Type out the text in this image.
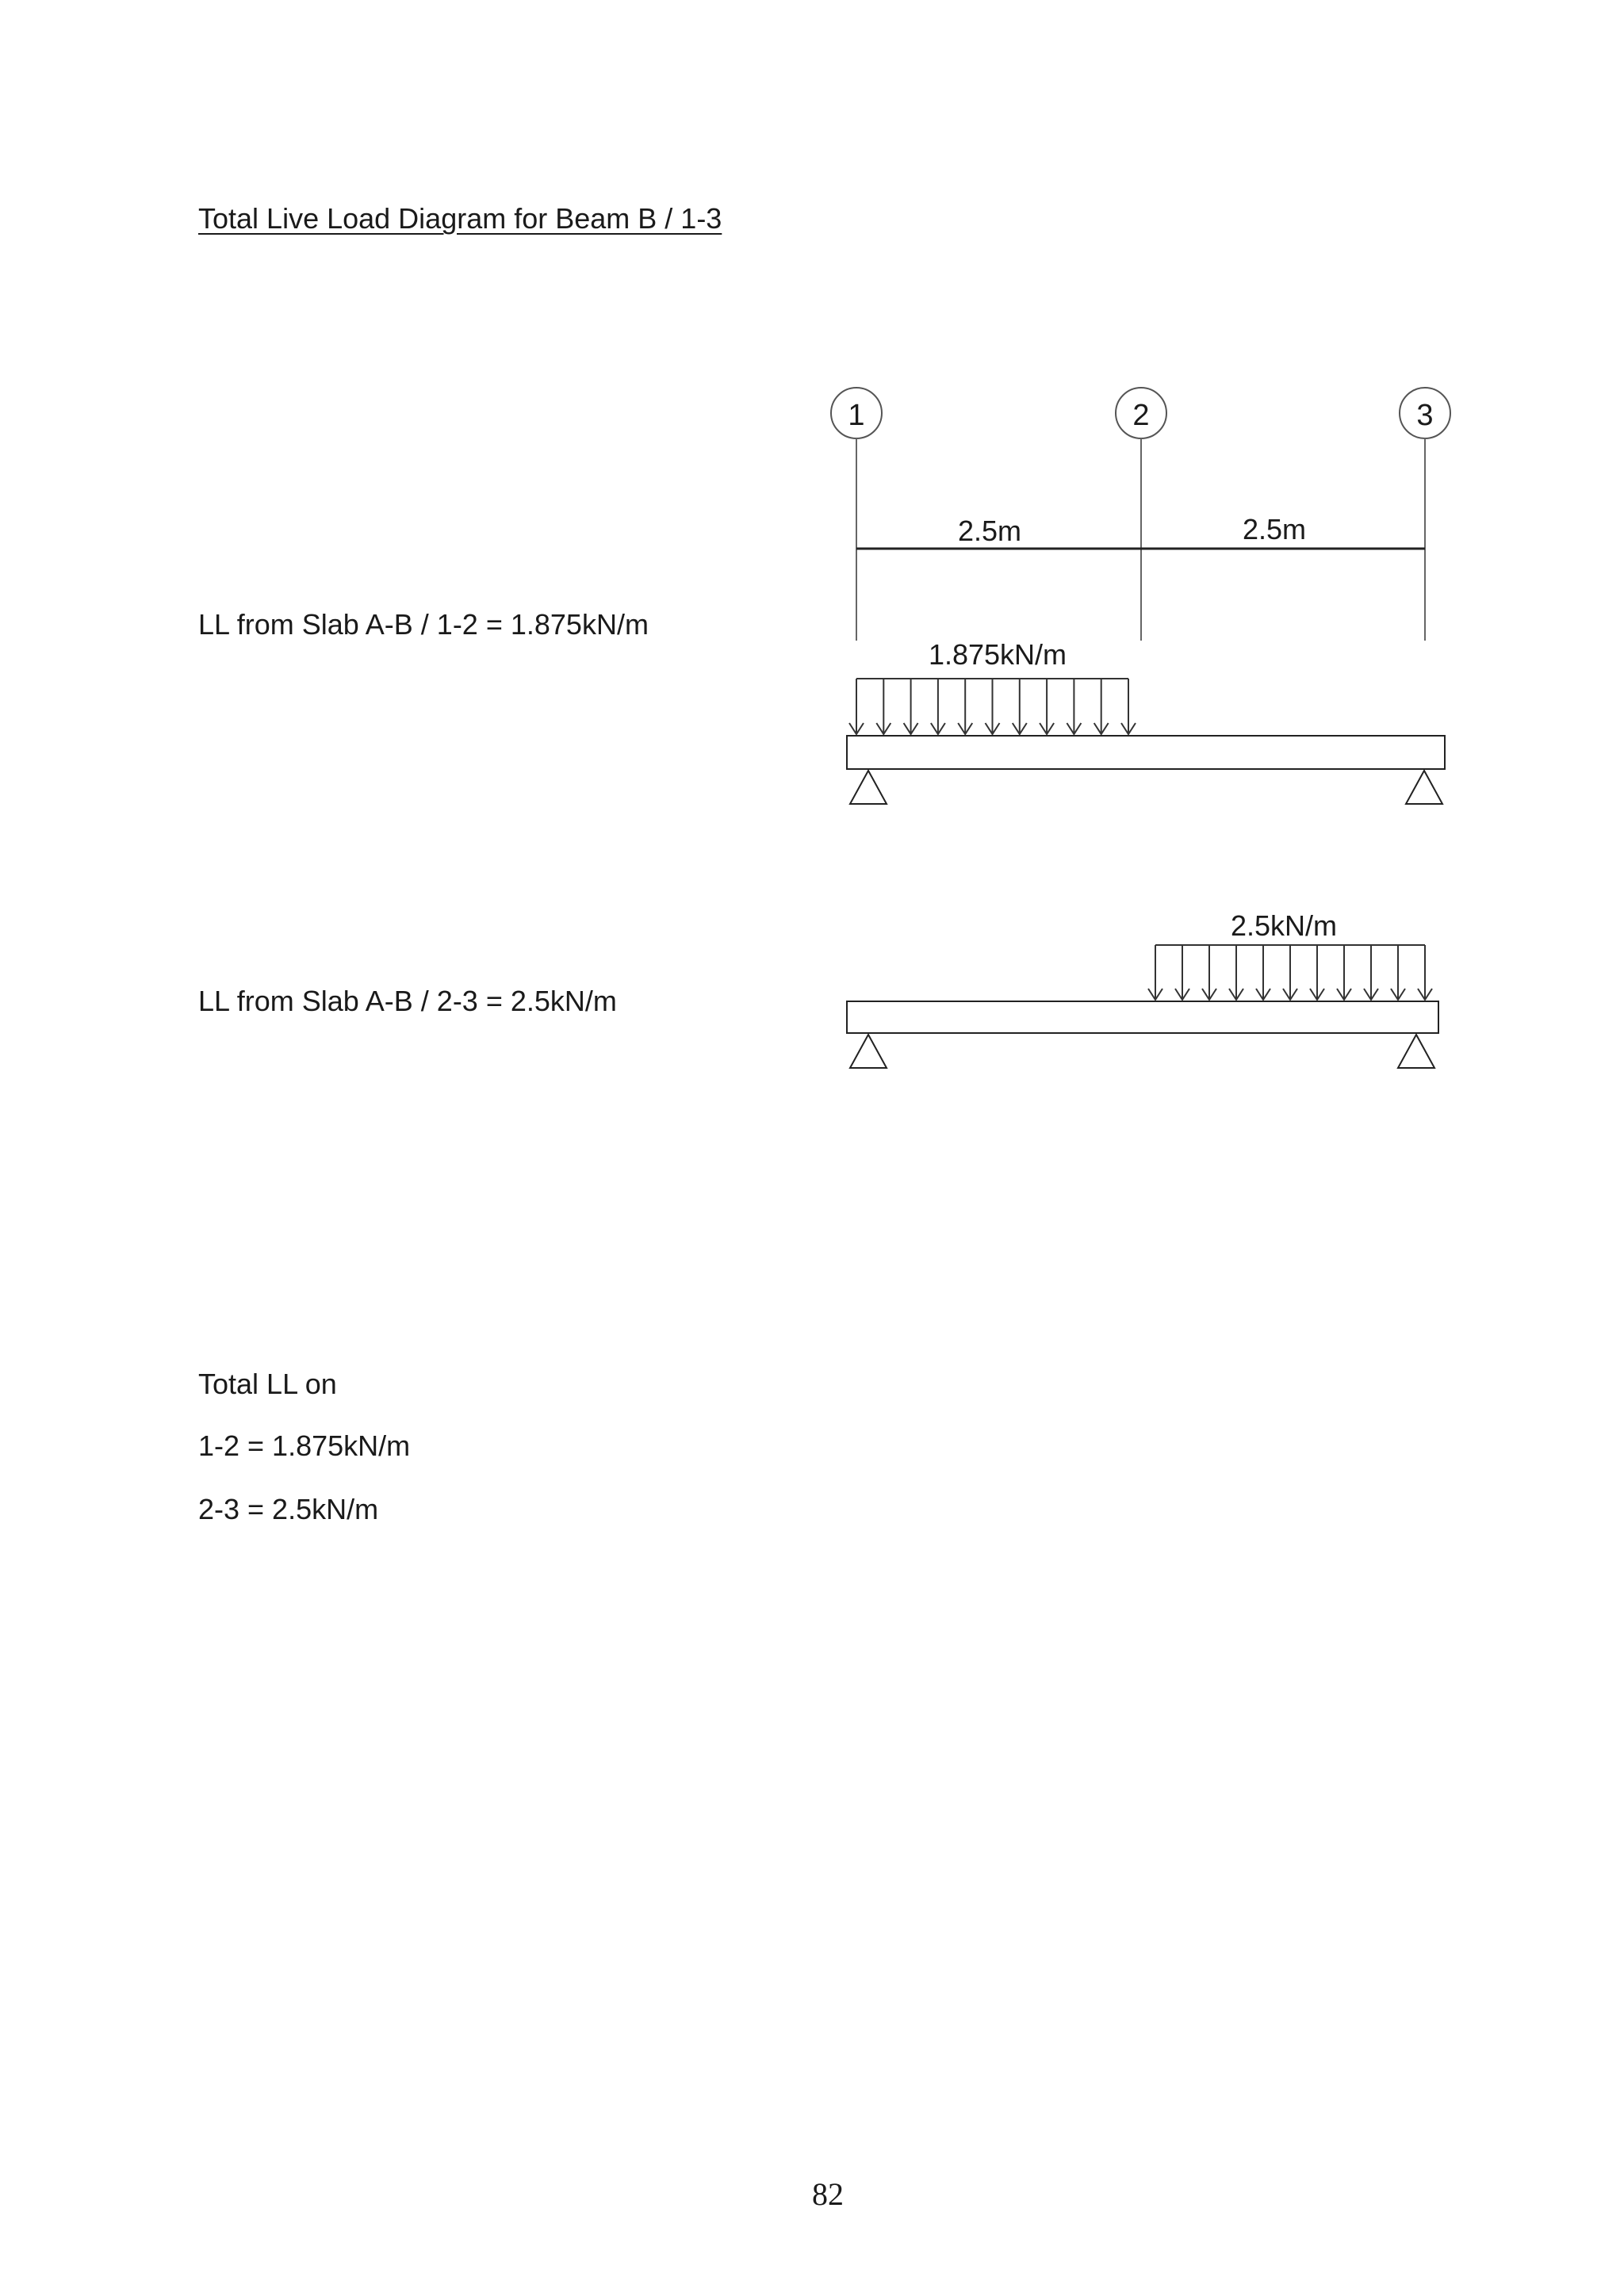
Total Live Load Diagram for Beam B / 1-3
LL from Slab A-B / 1-2 = 1.875kN/m
LL from Slab A-B / 2-3 = 2.5kN/m
Total LL on
1-2 = 1.875kN/m
2-3 = 2.5kN/m
82
1	2	3
2.5m	2.5m
1.875kN/m
2.5kN/m
